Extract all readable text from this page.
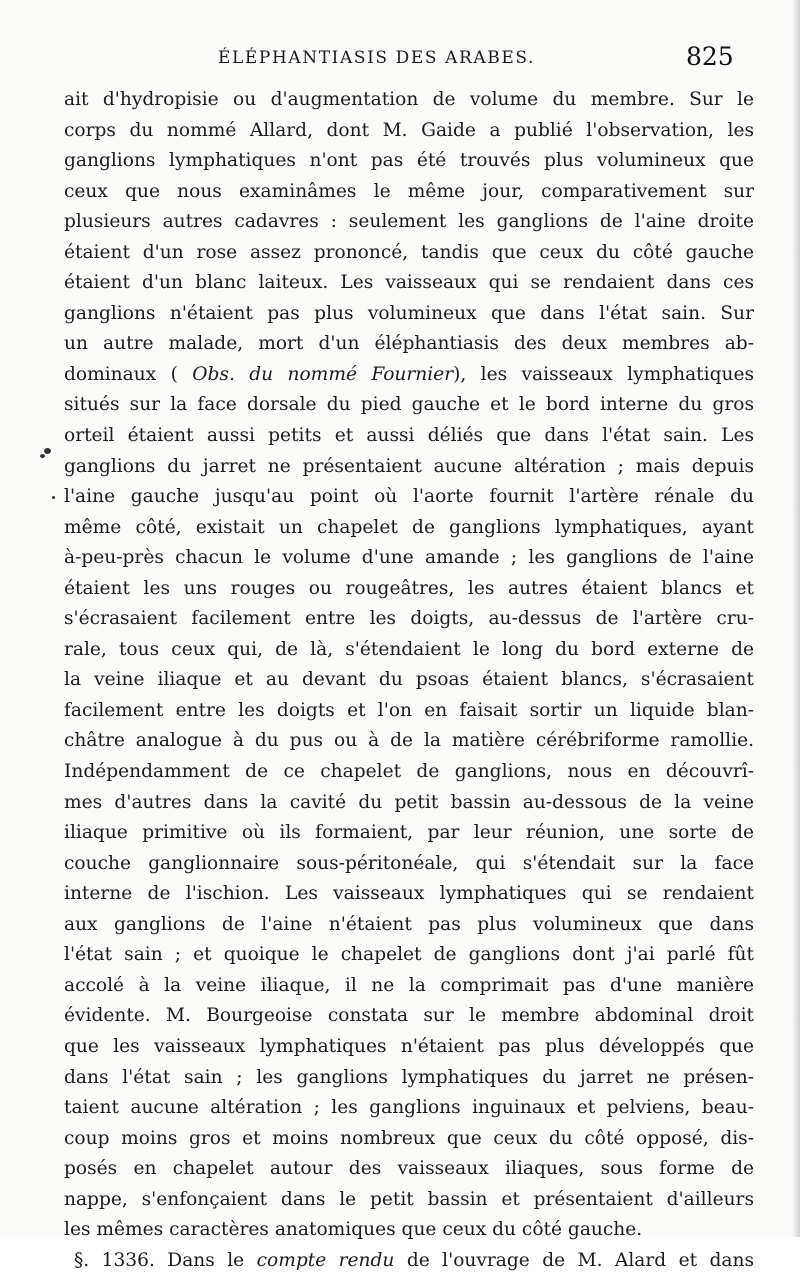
ÉLÉPHANTIASIS DES ARABES.	825
ait d'hydropisie ou d'augmentation de volume du membre. Sur le
corps du nommé Allard, dont M. Gaide a publié l'observation, les
ganglions lymphatiques n'ont pas été trouvés plus volumineux que
ceux que nous examinâmes le même jour, comparativement sur
plusieurs autres cadavres : seulement les ganglions de l'aine droite
étaient d'un rose assez prononcé, tandis que ceux du côté gauche
étaient d'un blanc laiteux. Les vaisseaux qui se rendaient dans ces
ganglions n'étaient pas plus volumineux que dans l'état sain. Sur
un autre malade, mort d'un éléphantiasis des deux membres ab-
dominaux ( Obs. du nommé Fournier), les vaisseaux lymphatiques
situés sur la face dorsale du pied gauche et le bord interne du gros
orteil étaient aussi petits et aussi déliés que dans l'état sain. Les
ganglions du jarret ne présentaient aucune altération ; mais depuis
l'aine gauche jusqu'au point où l'aorte fournit l'artère rénale du
même côté, existait un chapelet de ganglions lymphatiques, ayant
à-peu-près chacun le volume d'une amande ; les ganglions de l'aine
étaient les uns rouges ou rougeâtres, les autres étaient blancs et
s'écrasaient facilement entre les doigts, au-dessus de l'artère cru-
rale, tous ceux qui, de là, s'étendaient le long du bord externe de
la veine iliaque et au devant du psoas étaient blancs, s'écrasaient
facilement entre les doigts et l'on en faisait sortir un liquide blan-
châtre analogue à du pus ou à de la matière cérébriforme ramollie.
Indépendamment de ce chapelet de ganglions, nous en découvrî-
mes d'autres dans la cavité du petit bassin au-dessous de la veine
iliaque primitive où ils formaient, par leur réunion, une sorte de
couche ganglionnaire sous-péritonéale, qui s'étendait sur la face
interne de l'ischion. Les vaisseaux lymphatiques qui se rendaient
aux ganglions de l'aine n'étaient pas plus volumineux que dans
l'état sain ; et quoique le chapelet de ganglions dont j'ai parlé fût
accolé à la veine iliaque, il ne la comprimait pas d'une manière
évidente. M. Bourgeoise constata sur le membre abdominal droit
que les vaisseaux lymphatiques n'étaient pas plus développés que
dans l'état sain ; les ganglions lymphatiques du jarret ne présen-
taient aucune altération ; les ganglions inguinaux et pelviens, beau-
coup moins gros et moins nombreux que ceux du côté opposé, dis-
posés en chapelet autour des vaisseaux iliaques, sous forme de
nappe, s'enfonçaient dans le petit bassin et présentaient d'ailleurs
les mêmes caractères anatomiques que ceux du côté gauche.
§. 1336. Dans le compte rendu de l'ouvrage de M. Alard et dans
